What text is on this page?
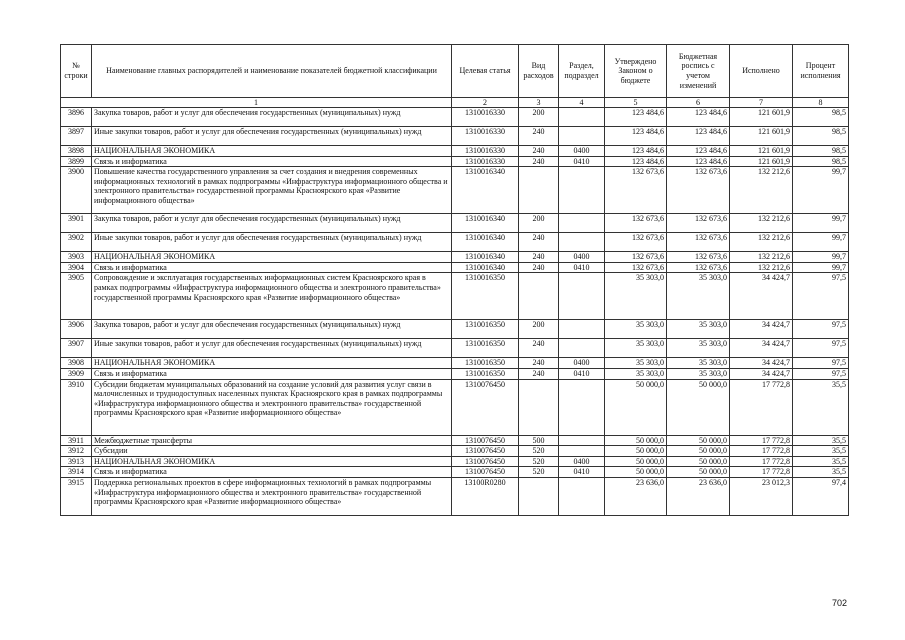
№ строки	Наименование главных распорядителей и наименование показателей бюджетной классификации	Целевая статья	Вид расходов	Раздел, подраздел	Утверждено Законом о бюджете	Бюджетная роспись с учетом изменений	Исполнено	Процент исполнения
1		2	3	4	5	6	7	8
3896	Закупка товаров, работ и услуг для обеспечения государственных (муниципальных) нужд	1310016330	200		123 484,6	123 484,6	121 601,9	98,5
3897	Иные закупки товаров, работ и услуг для обеспечения государственных (муниципальных) нужд	1310016330	240		123 484,6	123 484,6	121 601,9	98,5
3898	НАЦИОНАЛЬНАЯ ЭКОНОМИКА	1310016330	240	0400	123 484,6	123 484,6	121 601,9	98,5
3899	Связь и информатика	1310016330	240	0410	123 484,6	123 484,6	121 601,9	98,5
3900	Повышение качества государственного управления за счет создания и внедрения современных информационных технологий в рамках подпрограммы «Инфраструктура информационного общества и электронного правительства» государственной программы Красноярского края «Развитие информационного общества»	1310016340			132 673,6	132 673,6	132 212,6	99,7
3901	Закупка товаров, работ и услуг для обеспечения государственных (муниципальных) нужд	1310016340	200		132 673,6	132 673,6	132 212,6	99,7
3902	Иные закупки товаров, работ и услуг для обеспечения государственных (муниципальных) нужд	1310016340	240		132 673,6	132 673,6	132 212,6	99,7
3903	НАЦИОНАЛЬНАЯ ЭКОНОМИКА	1310016340	240	0400	132 673,6	132 673,6	132 212,6	99,7
3904	Связь и информатика	1310016340	240	0410	132 673,6	132 673,6	132 212,6	99,7
3905	Сопровождение и эксплуатация государственных информационных систем Красноярского края в рамках подпрограммы «Инфраструктура информационного общества и электронного правительства» государственной программы Красноярского края «Развитие информационного общества»	1310016350			35 303,0	35 303,0	34 424,7	97,5
3906	Закупка товаров, работ и услуг для обеспечения государственных (муниципальных) нужд	1310016350	200		35 303,0	35 303,0	34 424,7	97,5
3907	Иные закупки товаров, работ и услуг для обеспечения государственных (муниципальных) нужд	1310016350	240		35 303,0	35 303,0	34 424,7	97,5
3908	НАЦИОНАЛЬНАЯ ЭКОНОМИКА	1310016350	240	0400	35 303,0	35 303,0	34 424,7	97,5
3909	Связь и информатика	1310016350	240	0410	35 303,0	35 303,0	34 424,7	97,5
3910	Субсидии бюджетам муниципальных образований на создание условий для развития услуг связи в малочисленных и труднодоступных населенных пунктах Красноярского края в рамках подпрограммы «Инфраструктура информационного общества и электронного правительства» государственной программы Красноярского края «Развитие информационного общества»	1310076450			50 000,0	50 000,0	17 772,8	35,5
3911	Межбюджетные трансферты	1310076450	500		50 000,0	50 000,0	17 772,8	35,5
3912	Субсидии	1310076450	520		50 000,0	50 000,0	17 772,8	35,5
3913	НАЦИОНАЛЬНАЯ ЭКОНОМИКА	1310076450	520	0400	50 000,0	50 000,0	17 772,8	35,5
3914	Связь и информатика	1310076450	520	0410	50 000,0	50 000,0	17 772,8	35,5
3915	Поддержка региональных проектов в сфере информационных технологий в рамках подпрограммы «Инфраструктура информационного общества и электронного правительства» государственной программы Красноярского края «Развитие информационного общества»	13100R0280			23 636,0	23 636,0	23 012,3	97,4
702
